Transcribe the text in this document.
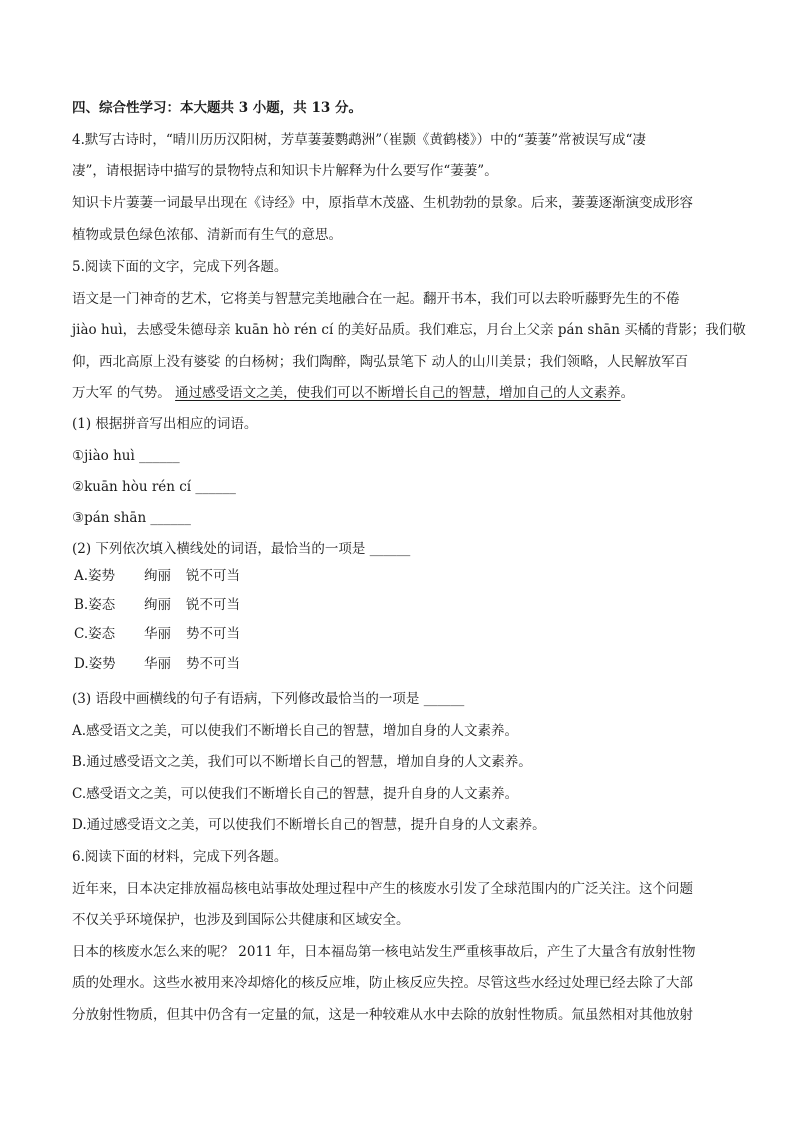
四、综合性学习：本大题共 3 小题，共 13 分。
4.默写古诗时，“晴川历历汉阳树，芳草萋萋鹦鹉洲”（崔颢《黄鹤楼》）中的“萋萋”常被误写成“凄
凄”，请根据诗中描写的景物特点和知识卡片解释为什么要写作“萋萋”。
知识卡片萋萋一词最早出现在《诗经》中，原指草木茂盛、生机勃勃的景象。后来，萋萋逐渐演变成形容
植物或景色绿色浓郁、清新而有生气的意思。
5.阅读下面的文字，完成下列各题。
语文是一门神奇的艺术，它将美与智慧完美地融合在一起。翻开书本，我们可以去聆听藤野先生的不倦
jiào huì，去感受朱德母亲 kuān hò rén cí 的美好品质。我们难忘，月台上父亲 pán shān 买橘的背影；我们敬
仰，西北高原上没有婆娑 的白杨树；我们陶醉，陶弘景笔下 动人的山川美景；我们领略，人民解放军百
万大军 的气势。 通过感受语文之美，使我们可以不断增长自己的智慧，增加自己的人文素养。
(1) 根据拼音写出相应的词语。
①jiào huì ______
②kuān hòu rén cí ______
③pán shān ______
(2) 下列依次填入横线处的词语，最恰当的一项是 ______
A.姿势 绚丽 锐不可当
B.姿态 绚丽 锐不可当
C.姿态 华丽 势不可当
D.姿势 华丽 势不可当
(3) 语段中画横线的句子有语病，下列修改最恰当的一项是 ______
A.感受语文之美，可以使我们不断增长自己的智慧，增加自身的人文素养。
B.通过感受语文之美，我们可以不断增长自己的智慧，增加自身的人文素养。
C.感受语文之美，可以使我们不断增长自己的智慧，提升自身的人文素养。
D.通过感受语文之美，可以使我们不断增长自己的智慧，提升自身的人文素养。
6.阅读下面的材料，完成下列各题。
近年来，日本决定排放福岛核电站事故处理过程中产生的核废水引发了全球范围内的广泛关注。这个问题
不仅关乎环境保护，也涉及到国际公共健康和区域安全。
日本的核废水怎么来的呢？ 2011 年，日本福岛第一核电站发生严重核事故后，产生了大量含有放射性物
质的处理水。这些水被用来冷却熔化的核反应堆，防止核反应失控。尽管这些水经过处理已经去除了大部
分放射性物质，但其中仍含有一定量的氚，这是一种较难从水中去除的放射性物质。氚虽然相对其他放射
